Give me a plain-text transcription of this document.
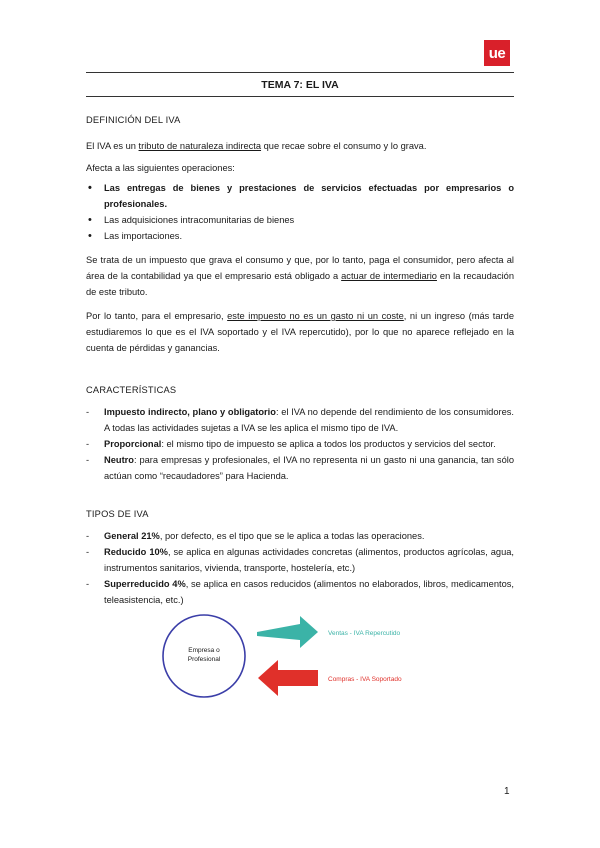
ue
TEMA 7: EL IVA

DEFINICIÓN DEL IVA

El IVA es un tributo de naturaleza indirecta que recae sobre el consumo y lo grava.

Afecta a las siguientes operaciones:

• Las entregas de bienes y prestaciones de servicios efectuadas por empresarios o profesionales.
• Las adquisiciones intracomunitarias de bienes
• Las importaciones.

Se trata de un impuesto que grava el consumo y que, por lo tanto, paga el consumidor, pero afecta al área de la contabilidad ya que el empresario está obligado a actuar de intermediario en la recaudación de este tributo.

Por lo tanto, para el empresario, este impuesto no es un gasto ni un coste, ni un ingreso (más tarde estudiaremos lo que es el IVA soportado y el IVA repercutido), por lo que no aparece reflejado en la cuenta de pérdidas y ganancias.

CARACTERÍSTICAS

- Impuesto indirecto, plano y obligatorio: el IVA no depende del rendimiento de los consumidores. A todas las actividades sujetas a IVA se les aplica el mismo tipo de IVA.
- Proporcional: el mismo tipo de impuesto se aplica a todos los productos y servicios del sector.
- Neutro: para empresas y profesionales, el IVA no representa ni un gasto ni una ganancia, tan sólo actúan como “recaudadores” para Hacienda.

TIPOS DE IVA

- General 21%, por defecto, es el tipo que se le aplica a todas las operaciones.
- Reducido 10%, se aplica en algunas actividades concretas (alimentos, productos agrícolas, agua, instrumentos sanitarios, vivienda, transporte, hostelería, etc.)
- Superreducido 4%, se aplica en casos reducidos (alimentos no elaborados, libros, medicamentos, teleasistencia, etc.)
Empresa o
Profesional
Ventas - IVA Repercutido
Compras - IVA Soportado
1
